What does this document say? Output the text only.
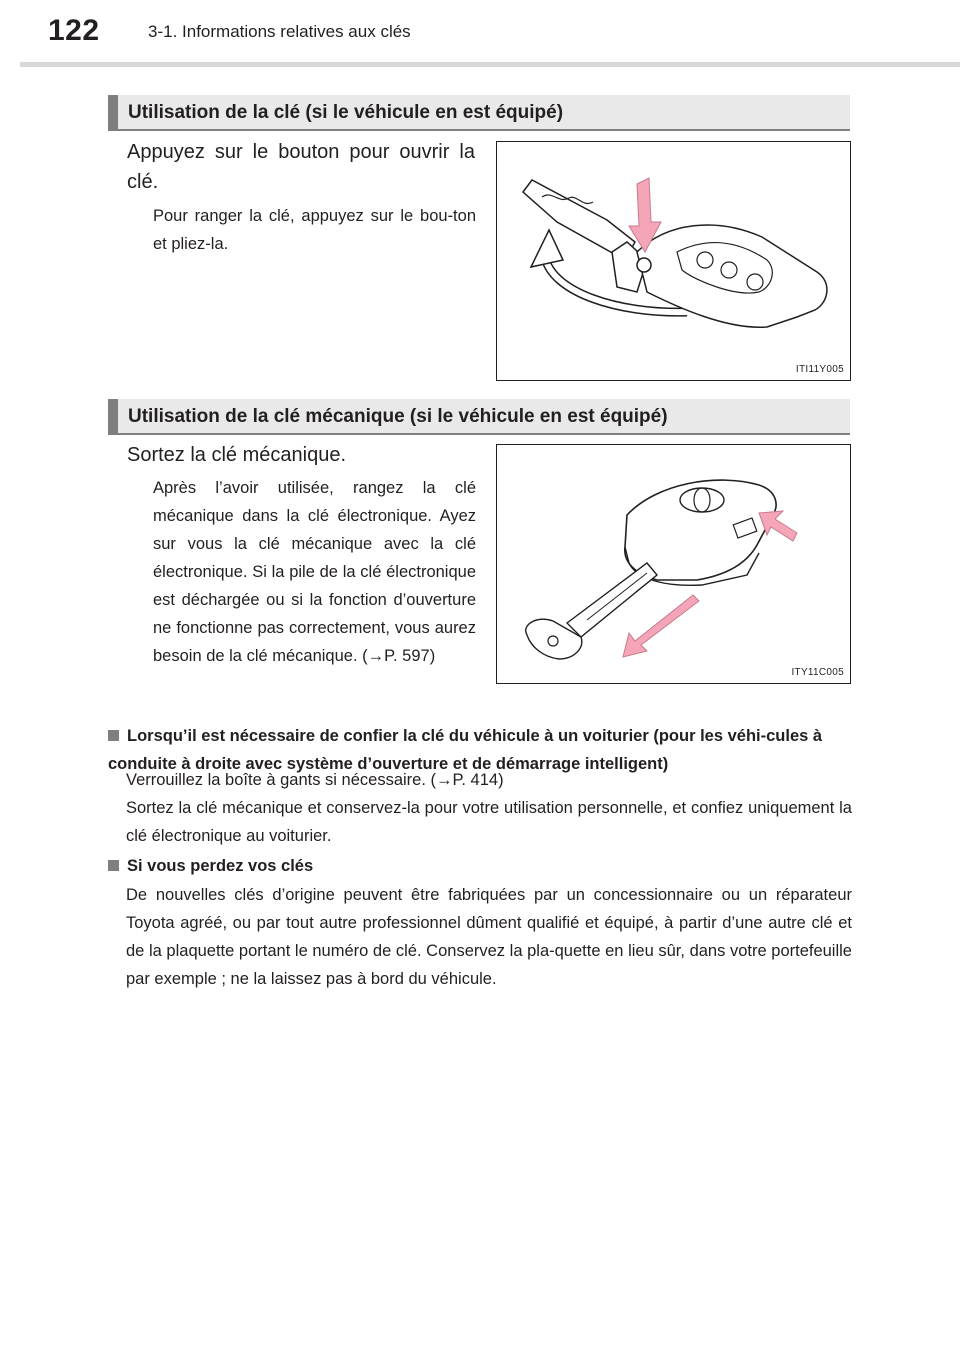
122	3-1. Informations relatives aux clés
Utilisation de la clé (si le véhicule en est équipé)
Appuyez sur le bouton pour ouvrir la clé.
Pour ranger la clé, appuyez sur le bou-ton et pliez-la.
ITI11Y005
Utilisation de la clé mécanique (si le véhicule en est équipé)
Sortez la clé mécanique.
Après l’avoir utilisée, rangez la clé mécanique dans la clé électronique. Ayez sur vous la clé mécanique avec la clé électronique. Si la pile de la clé électronique est déchargée ou si la fonction d’ouverture ne fonctionne pas correctement, vous aurez besoin de la clé mécanique. (→P. 597)
ITY11C005
Lorsqu’il est nécessaire de confier la clé du véhicule à un voiturier (pour les véhi-cules à conduite à droite avec système d’ouverture et de démarrage intelligent)

Verrouillez la boîte à gants si nécessaire. (→P. 414)

Sortez la clé mécanique et conservez-la pour votre utilisation personnelle, et confiez uniquement la clé électronique au voiturier.

Si vous perdez vos clés

De nouvelles clés d’origine peuvent être fabriquées par un concessionnaire ou un réparateur Toyota agréé, ou par tout autre professionnel dûment qualifié et équipé, à partir d’une autre clé et de la plaquette portant le numéro de clé. Conservez la pla-quette en lieu sûr, dans votre portefeuille par exemple ; ne la laissez pas à bord du véhicule.
